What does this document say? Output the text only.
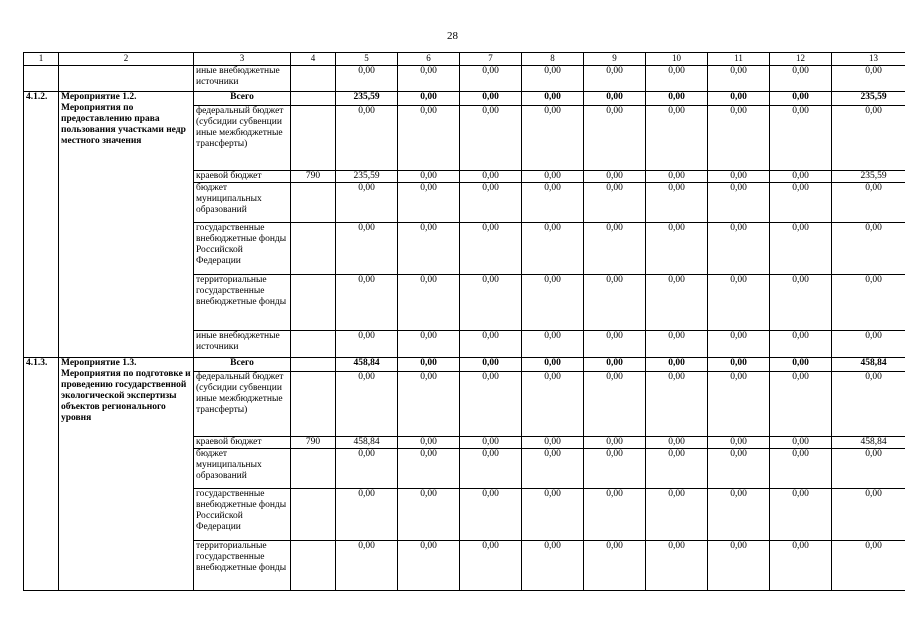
28
1	2	3	4	5	6	7	8	9	10	11	12	13
		иные внебюджетные источники		0,00	0,00	0,00	0,00	0,00	0,00	0,00	0,00	0,00
4.1.2.	Мероприятие 1.2. Мероприятия по предоставлению права пользования участками недр местного значения	Всего		235,59	0,00	0,00	0,00	0,00	0,00	0,00	0,00	235,59
		федеральный бюджет (субсидии субвенции иные межбюджетные трансферты)		0,00	0,00	0,00	0,00	0,00	0,00	0,00	0,00	0,00
		краевой бюджет	790	235,59	0,00	0,00	0,00	0,00	0,00	0,00	0,00	235,59
		бюджет муниципальных образований		0,00	0,00	0,00	0,00	0,00	0,00	0,00	0,00	0,00
		государственные внебюджетные фонды Российской Федерации		0,00	0,00	0,00	0,00	0,00	0,00	0,00	0,00	0,00
		территориальные государственные внебюджетные фонды		0,00	0,00	0,00	0,00	0,00	0,00	0,00	0,00	0,00
		иные внебюджетные источники		0,00	0,00	0,00	0,00	0,00	0,00	0,00	0,00	0,00
4.1.3.	Мероприятие 1.3. Мероприятия по подготовке и проведению государственной экологической экспертизы объектов регионального уровня	Всего		458,84	0,00	0,00	0,00	0,00	0,00	0,00	0,00	458,84
		федеральный бюджет (субсидии субвенции иные межбюджетные трансферты)		0,00	0,00	0,00	0,00	0,00	0,00	0,00	0,00	0,00
		краевой бюджет	790	458,84	0,00	0,00	0,00	0,00	0,00	0,00	0,00	458,84
		бюджет муниципальных образований		0,00	0,00	0,00	0,00	0,00	0,00	0,00	0,00	0,00
		государственные внебюджетные фонды Российской Федерации		0,00	0,00	0,00	0,00	0,00	0,00	0,00	0,00	0,00
		территориальные государственные внебюджетные фонды		0,00	0,00	0,00	0,00	0,00	0,00	0,00	0,00	0,00
